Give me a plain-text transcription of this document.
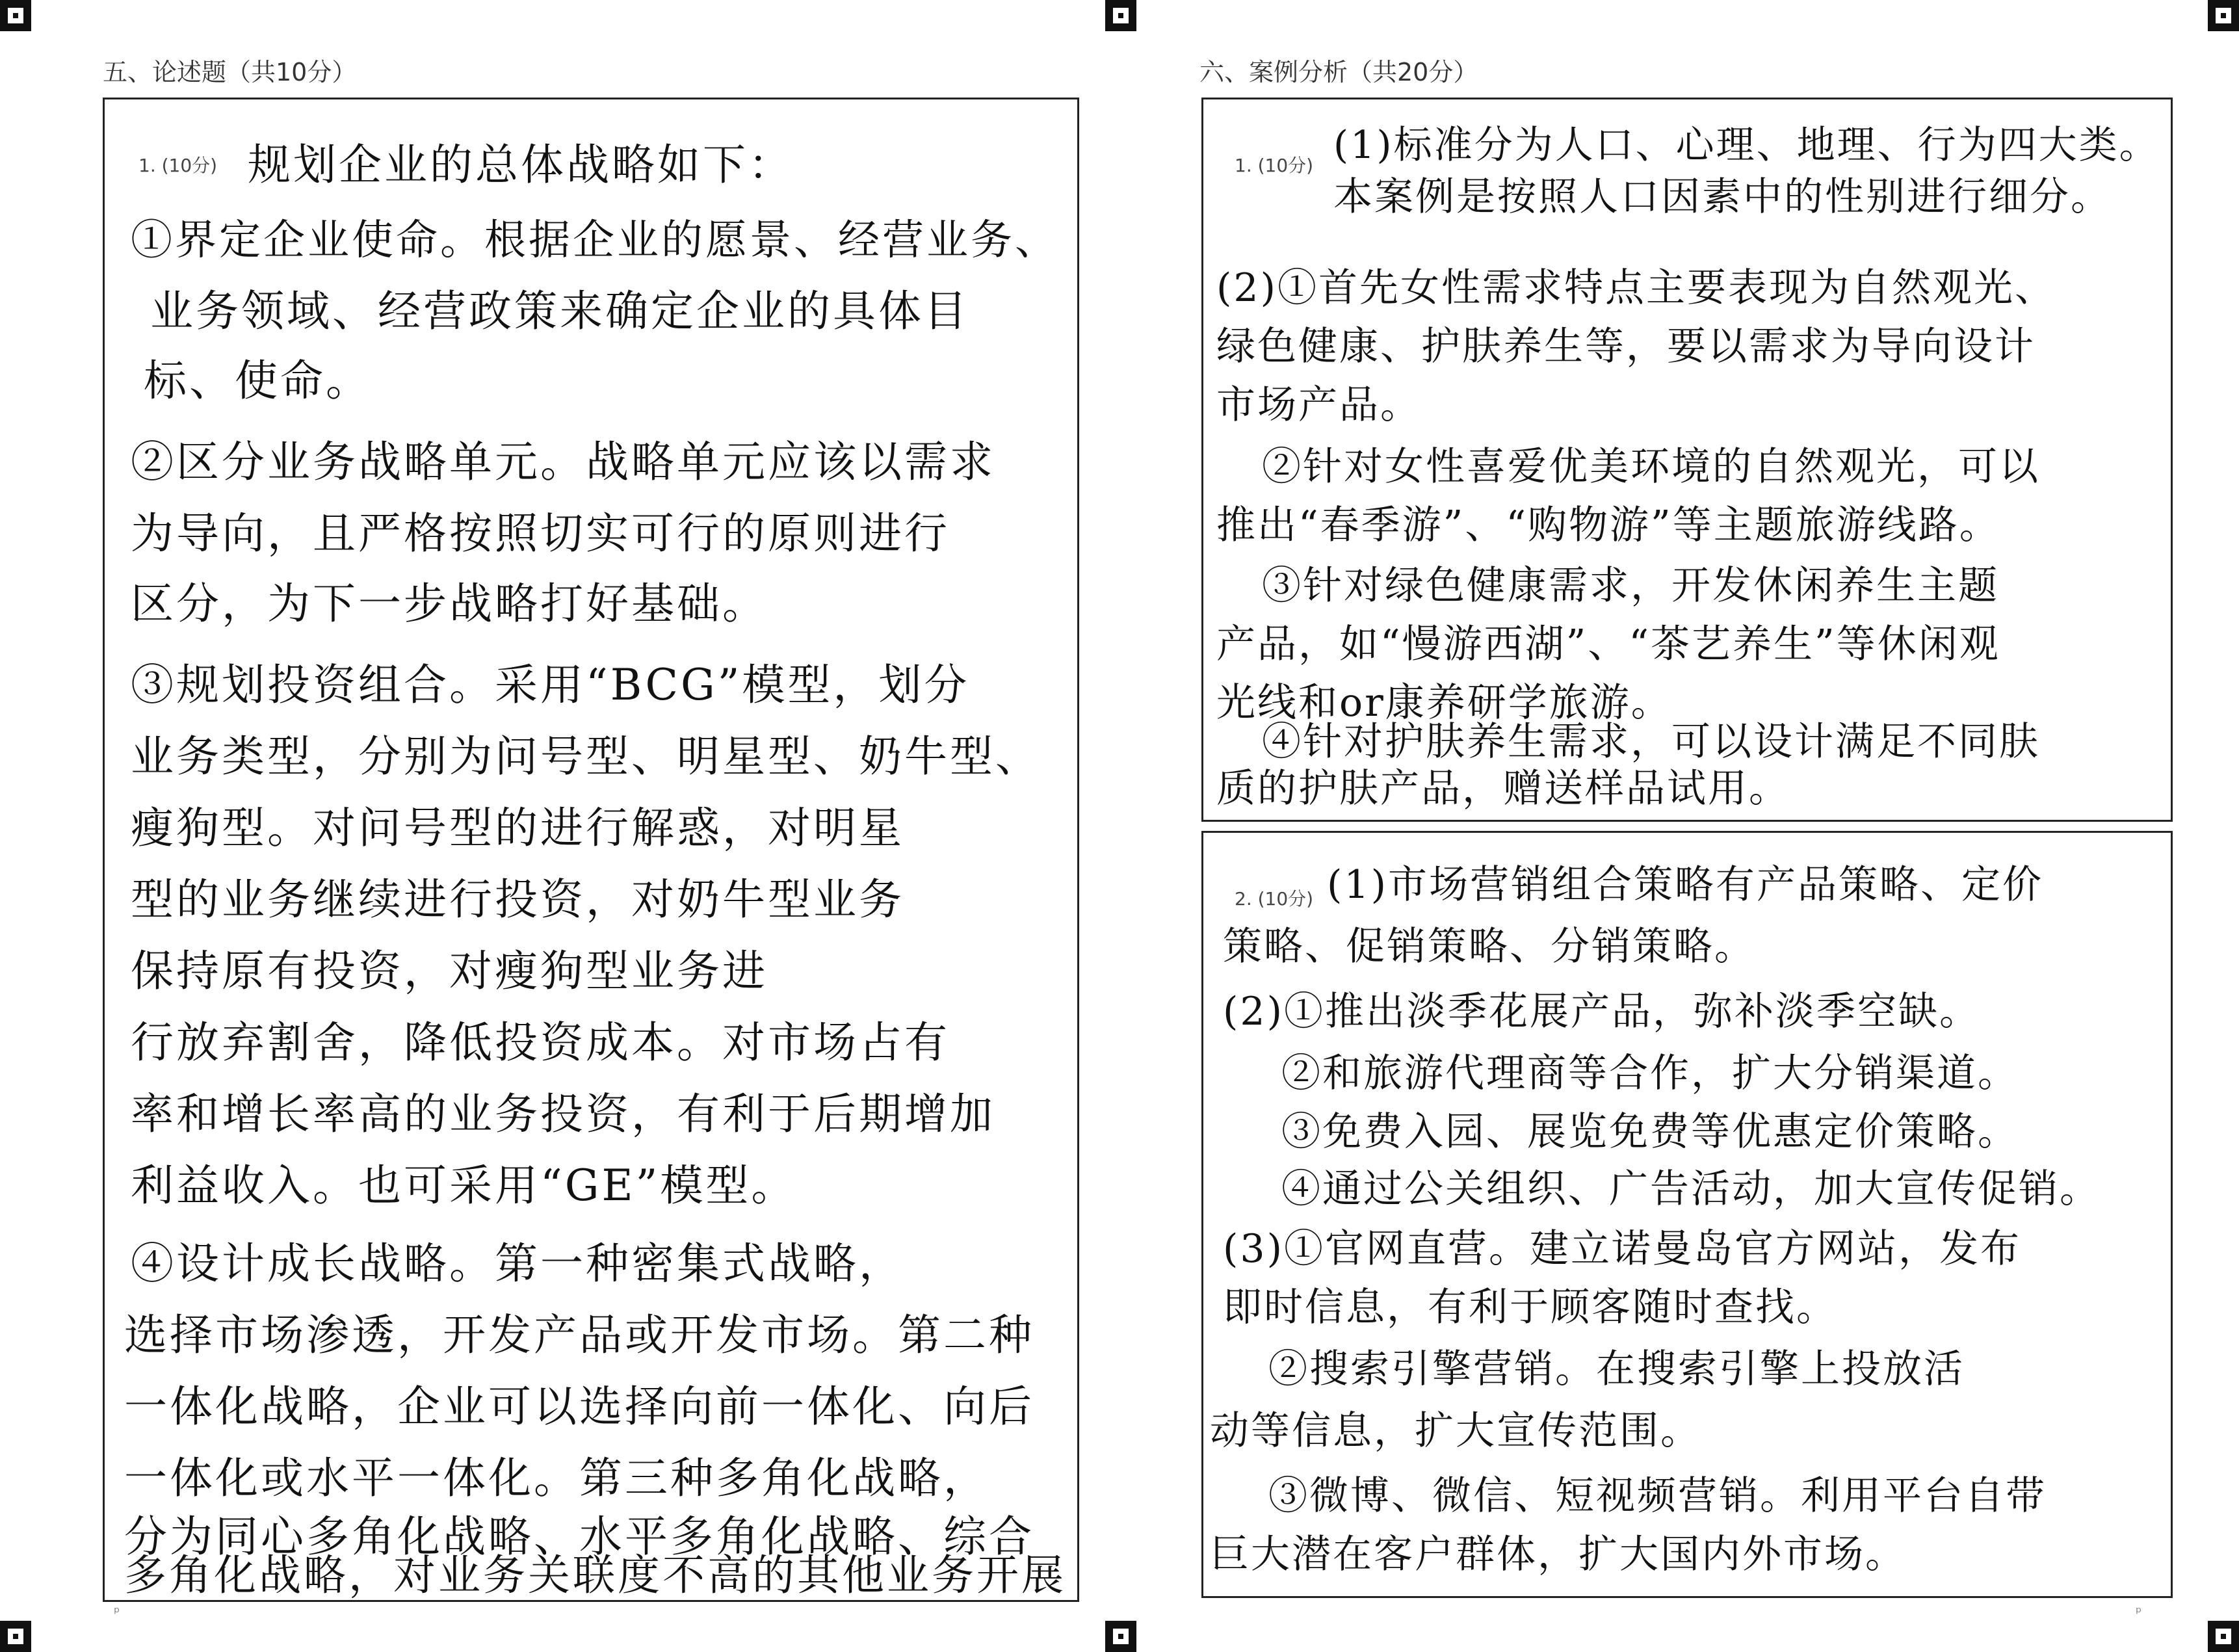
五、论述题（共10分）
1. (10分) 规划企业的总体战略如下：
①界定企业使命。根据企业的愿景、经营业务、
业务领域、经营政策来确定企业的具体目
标、使命。
②区分业务战略单元。战略单元应该以需求
为导向，且严格按照切实可行的原则进行
区分，为下一步战略打好基础。
③规划投资组合。采用“BCG”模型，划分
业务类型，分别为问号型、明星型、奶牛型、
瘦狗型。对问号型的进行解惑，对明星
型的业务继续进行投资，对奶牛型业务
保持原有投资，对瘦狗型业务进
行放弃割舍，降低投资成本。对市场占有
率和增长率高的业务投资，有利于后期增加
利益收入。也可采用“GE”模型。
④设计成长战略。第一种密集式战略，
选择市场渗透，开发产品或开发市场。第二种
一体化战略，企业可以选择向前一体化、向后
一体化或水平一体化。第三种多角化战略，
分为同心多角化战略、水平多角化战略、综合
多角化战略，对业务关联度不高的其他业务开展
ᵖ
六、案例分析（共20分）
1. (10分) (1)标准分为人口、心理、地理、行为四大类。
本案例是按照人口因素中的性别进行细分。
(2)①首先女性需求特点主要表现为自然观光、
绿色健康、护肤养生等，要以需求为导向设计
市场产品。
②针对女性喜爱优美环境的自然观光，可以
推出“春季游”、“购物游”等主题旅游线路。
③针对绿色健康需求，开发休闲养生主题
产品，如“慢游西湖”、“茶艺养生”等休闲观
光线和or康养研学旅游。
④针对护肤养生需求，可以设计满足不同肤
质的护肤产品，赠送样品试用。
2. (10分) (1)市场营销组合策略有产品策略、定价
策略、促销策略、分销策略。
(2)①推出淡季花展产品，弥补淡季空缺。
②和旅游代理商等合作，扩大分销渠道。
③免费入园、展览免费等优惠定价策略。
④通过公关组织、广告活动，加大宣传促销。
(3)①官网直营。建立诺曼岛官方网站，发布
即时信息，有利于顾客随时查找。
②搜索引擎营销。在搜索引擎上投放活
动等信息，扩大宣传范围。
③微博、微信、短视频营销。利用平台自带
巨大潜在客户群体，扩大国内外市场。
ᵖ
